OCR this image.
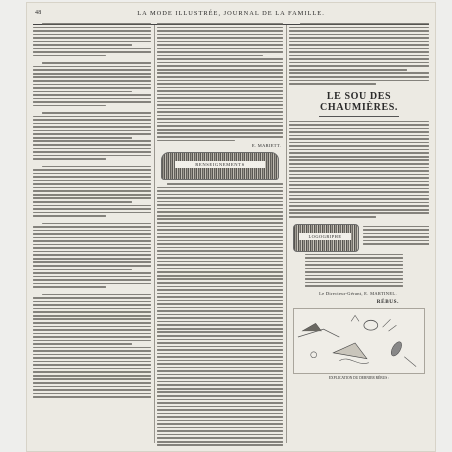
48	LA MODE ILLUSTRÉE, JOURNAL DE LA FAMILLE.
E. MARIETT.
RENSEIGNEMENTS
LE SOU DES CHAUMIÈRES.
LOGOGRIPHE
Le Directeur-Gérant, E. MARTINEL.
RÉBUS.
EXPLICATION DU DERNIER RÉBUS :
